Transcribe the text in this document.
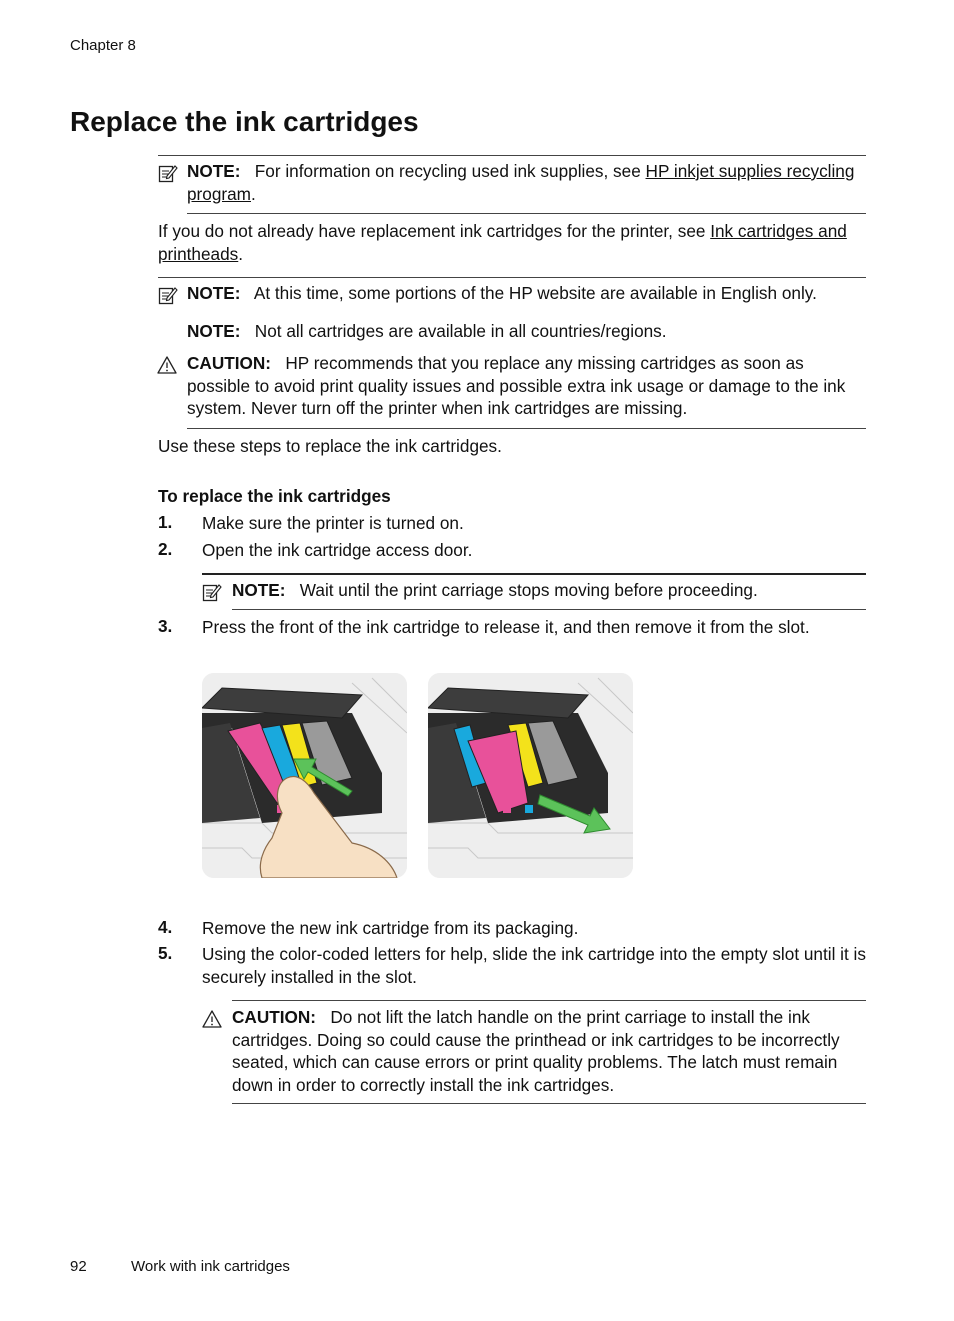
Chapter 8
Replace the ink cartridges
NOTE: For information on recycling used ink supplies, see HP inkjet supplies recycling program.
If you do not already have replacement ink cartridges for the printer, see Ink cartridges and printheads.
NOTE: At this time, some portions of the HP website are available in English only.
NOTE: Not all cartridges are available in all countries/regions.
CAUTION: HP recommends that you replace any missing cartridges as soon as possible to avoid print quality issues and possible extra ink usage or damage to the ink system. Never turn off the printer when ink cartridges are missing.
Use these steps to replace the ink cartridges.
To replace the ink cartridges
1. Make sure the printer is turned on.
2. Open the ink cartridge access door.
NOTE: Wait until the print carriage stops moving before proceeding.
3. Press the front of the ink cartridge to release it, and then remove it from the slot.
4. Remove the new ink cartridge from its packaging.
5. Using the color-coded letters for help, slide the ink cartridge into the empty slot until it is securely installed in the slot.
CAUTION: Do not lift the latch handle on the print carriage to install the ink cartridges. Doing so could cause the printhead or ink cartridges to be incorrectly seated, which can cause errors or print quality problems. The latch must remain down in order to correctly install the ink cartridges.
92	Work with ink cartridges
